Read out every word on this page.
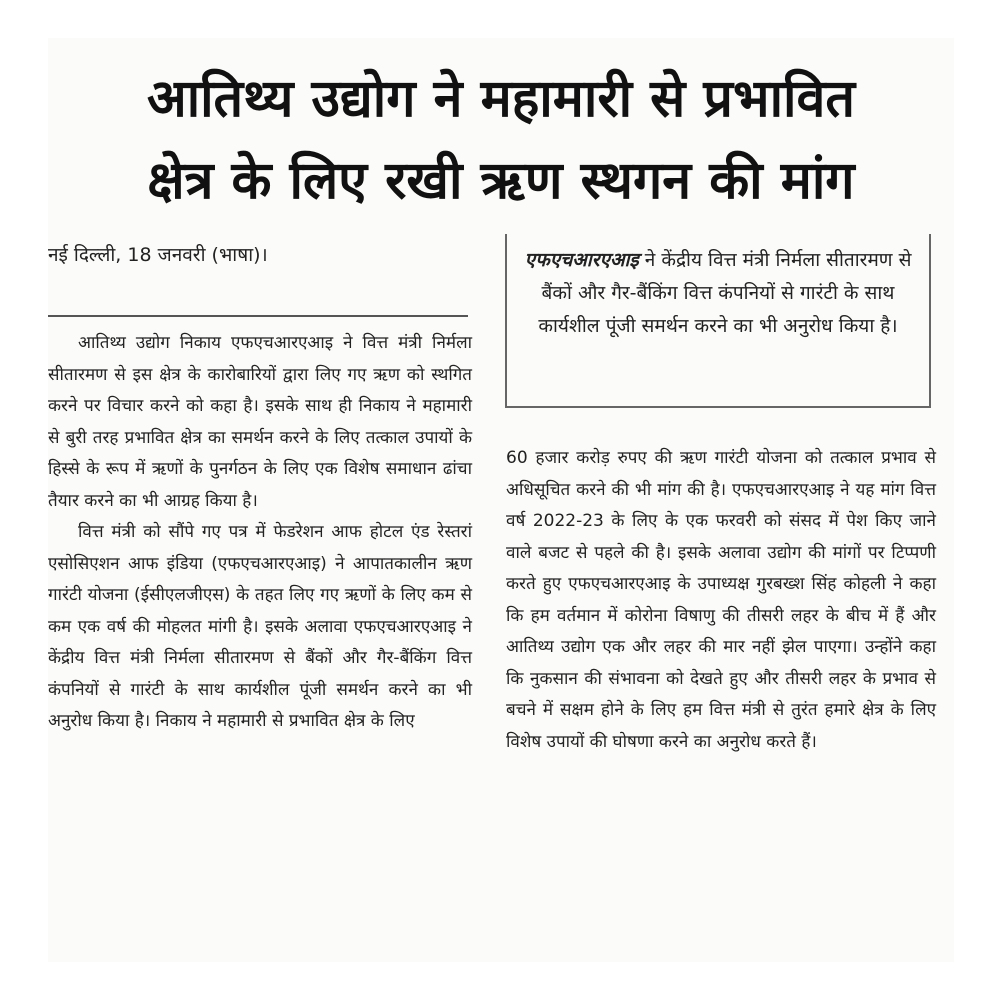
आतिथ्य उद्योग ने महामारी से प्रभावित
क्षेत्र के लिए रखी ऋण स्थगन की मांग
नई दिल्ली, 18 जनवरी (भाषा)।	एफएचआरएआइ ने केंद्रीय वित्त मंत्री निर्मला सीतारमण से बैंकों और गैर-बैंकिंग वित्त कंपनियों से गारंटी के साथ कार्यशील पूंजी समर्थन करने का भी अनुरोध किया है।

आतिथ्य उद्योग निकाय एफएचआरएआइ ने वित्त मंत्री निर्मला सीतारमण से इस क्षेत्र के कारोबारियों द्वारा लिए गए ऋण को स्थगित करने पर विचार करने को कहा है। इसके साथ ही निकाय ने महामारी से बुरी तरह प्रभावित क्षेत्र का समर्थन करने के लिए तत्काल उपायों के हिस्से के रूप में ऋणों के पुनर्गठन के लिए एक विशेष समाधान ढांचा तैयार करने का भी आग्रह किया है।

वित्त मंत्री को सौंपे गए पत्र में फेडरेशन आफ होटल एंड रेस्तरां एसोसिएशन आफ इंडिया (एफएचआरएआइ) ने आपातकालीन ऋण गारंटी योजना (ईसीएलजीएस) के तहत लिए गए ऋणों के लिए कम से कम एक वर्ष की मोहलत मांगी है। इसके अलावा एफएचआरएआइ ने केंद्रीय वित्त मंत्री निर्मला सीतारमण से बैंकों और गैर-बैंकिंग वित्त कंपनियों से गारंटी के साथ कार्यशील पूंजी समर्थन करने का भी अनुरोध किया है। निकाय ने महामारी से प्रभावित क्षेत्र के लिए

60 हजार करोड़ रुपए की ऋण गारंटी योजना को तत्काल प्रभाव से अधिसूचित करने की भी मांग की है। एफएचआरएआइ ने यह मांग वित्त वर्ष 2022-23 के लिए के एक फरवरी को संसद में पेश किए जाने वाले बजट से पहले की है। इसके अलावा उद्योग की मांगों पर टिप्पणी करते हुए एफएचआरएआइ के उपाध्यक्ष गुरबख्श सिंह कोहली ने कहा कि हम वर्तमान में कोरोना विषाणु की तीसरी लहर के बीच में हैं और आतिथ्य उद्योग एक और लहर की मार नहीं झेल पाएगा। उन्होंने कहा कि नुकसान की संभावना को देखते हुए और तीसरी लहर के प्रभाव से बचने में सक्षम होने के लिए हम वित्त मंत्री से तुरंत हमारे क्षेत्र के लिए विशेष उपायों की घोषणा करने का अनुरोध करते हैं।
